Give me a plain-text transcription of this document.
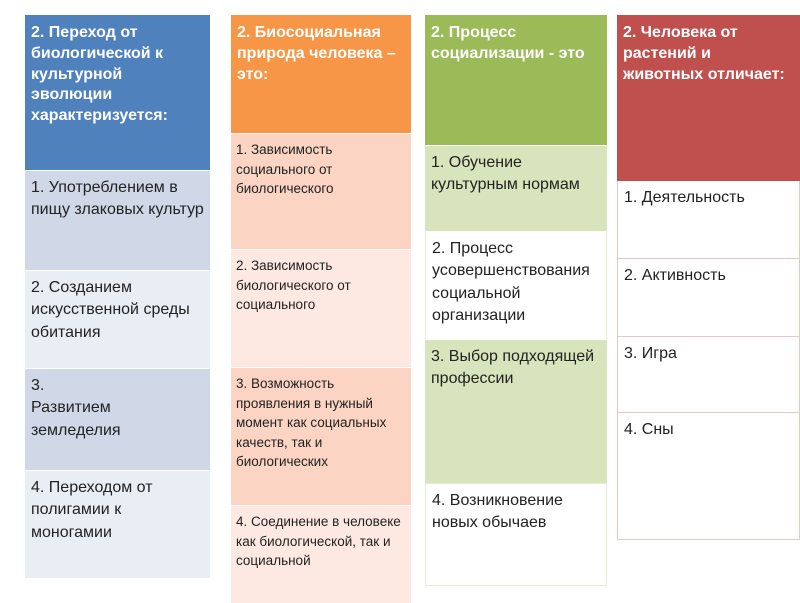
2. Переход от биологической к культурной эволюции характеризуется:
1. Употреблением в пищу злаковых культур
2. Созданием искусственной среды обитания
3.
Развитием земледелия
4. Переходом от полигамии к моногамии
2. Биосоциальная природа человека – это:
1. Зависимость социального от биологического
2. Зависимость биологического от социального
3. Возможность проявления в нужный момент как социальных качеств, так и биологических
4. Соединение в человеке как биологической, так и социальной
2. Процесс социализации - это
1. Обучение культурным нормам
2. Процесс усовершенствования социальной организации
3. Выбор подходящей профессии
4. Возникновение новых обычаев
2. Человека от растений и животных отличает:
1. Деятельность
2. Активность
3. Игра
4. Сны
